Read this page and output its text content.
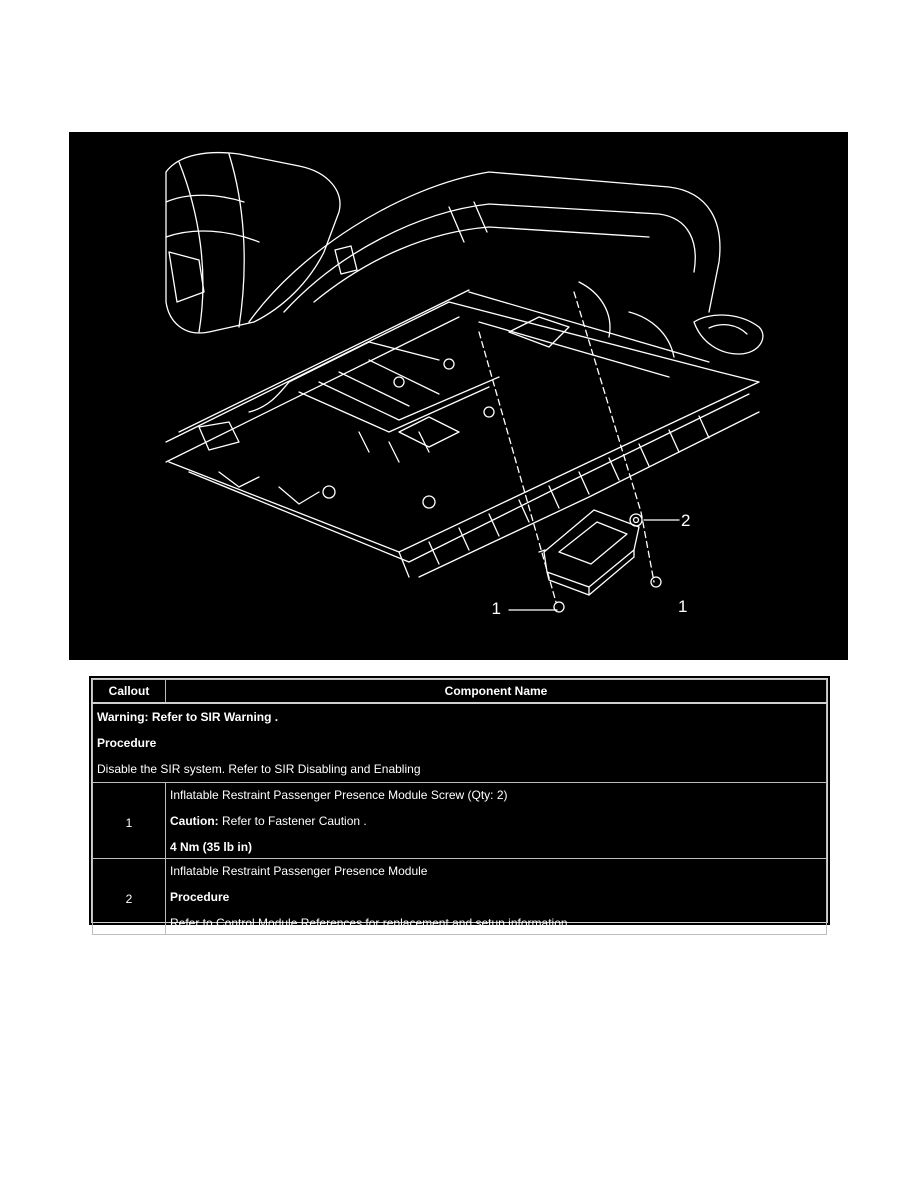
1
2
1
Callout	Component Name

Warning: Refer to SIR Warning .
Procedure
Disable the SIR system. Refer to SIR Disabling and Enabling	

1	Inflatable Restraint Passenger Presence Module Screw (Qty: 2)
Caution: Refer to Fastener Caution .
4 Nm (35 lb in)

2	Inflatable Restraint Passenger Presence Module
Procedure
Refer to Control Module References for replacement and setup information.
